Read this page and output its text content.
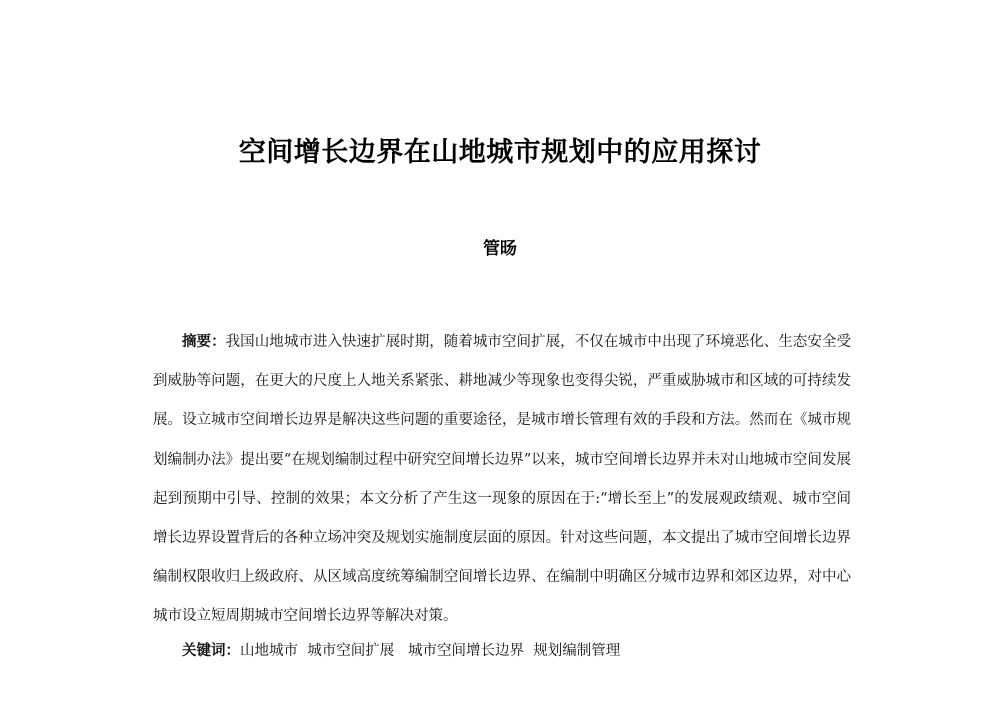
空间增长边界在山地城市规划中的应用探讨
管旸
摘要：我国山地城市进入快速扩展时期，随着城市空间扩展，不仅在城市中出现了环境恶化、生态安全受到威胁等问题，在更大的尺度上人地关系紧张、耕地减少等现象也变得尖锐，严重威胁城市和区域的可持续发展。设立城市空间增长边界是解决这些问题的重要途径，是城市增长管理有效的手段和方法。然而在《城市规划编制办法》提出要“在规划编制过程中研究空间增长边界”以来，城市空间增长边界并未对山地城市空间发展起到预期中引导、控制的效果；本文分析了产生这一现象的原因在于:“增长至上”的发展观政绩观、城市空间增长边界设置背后的各种立场冲突及规划实施制度层面的原因。针对这些问题，本文提出了城市空间增长边界编制权限收归上级政府、从区域高度统筹编制空间增长边界、在编制中明确区分城市边界和郊区边界，对中心城市设立短周期城市空间增长边界等解决对策。
关键词：山地城市  城市空间扩展   城市空间增长边界  规划编制管理
